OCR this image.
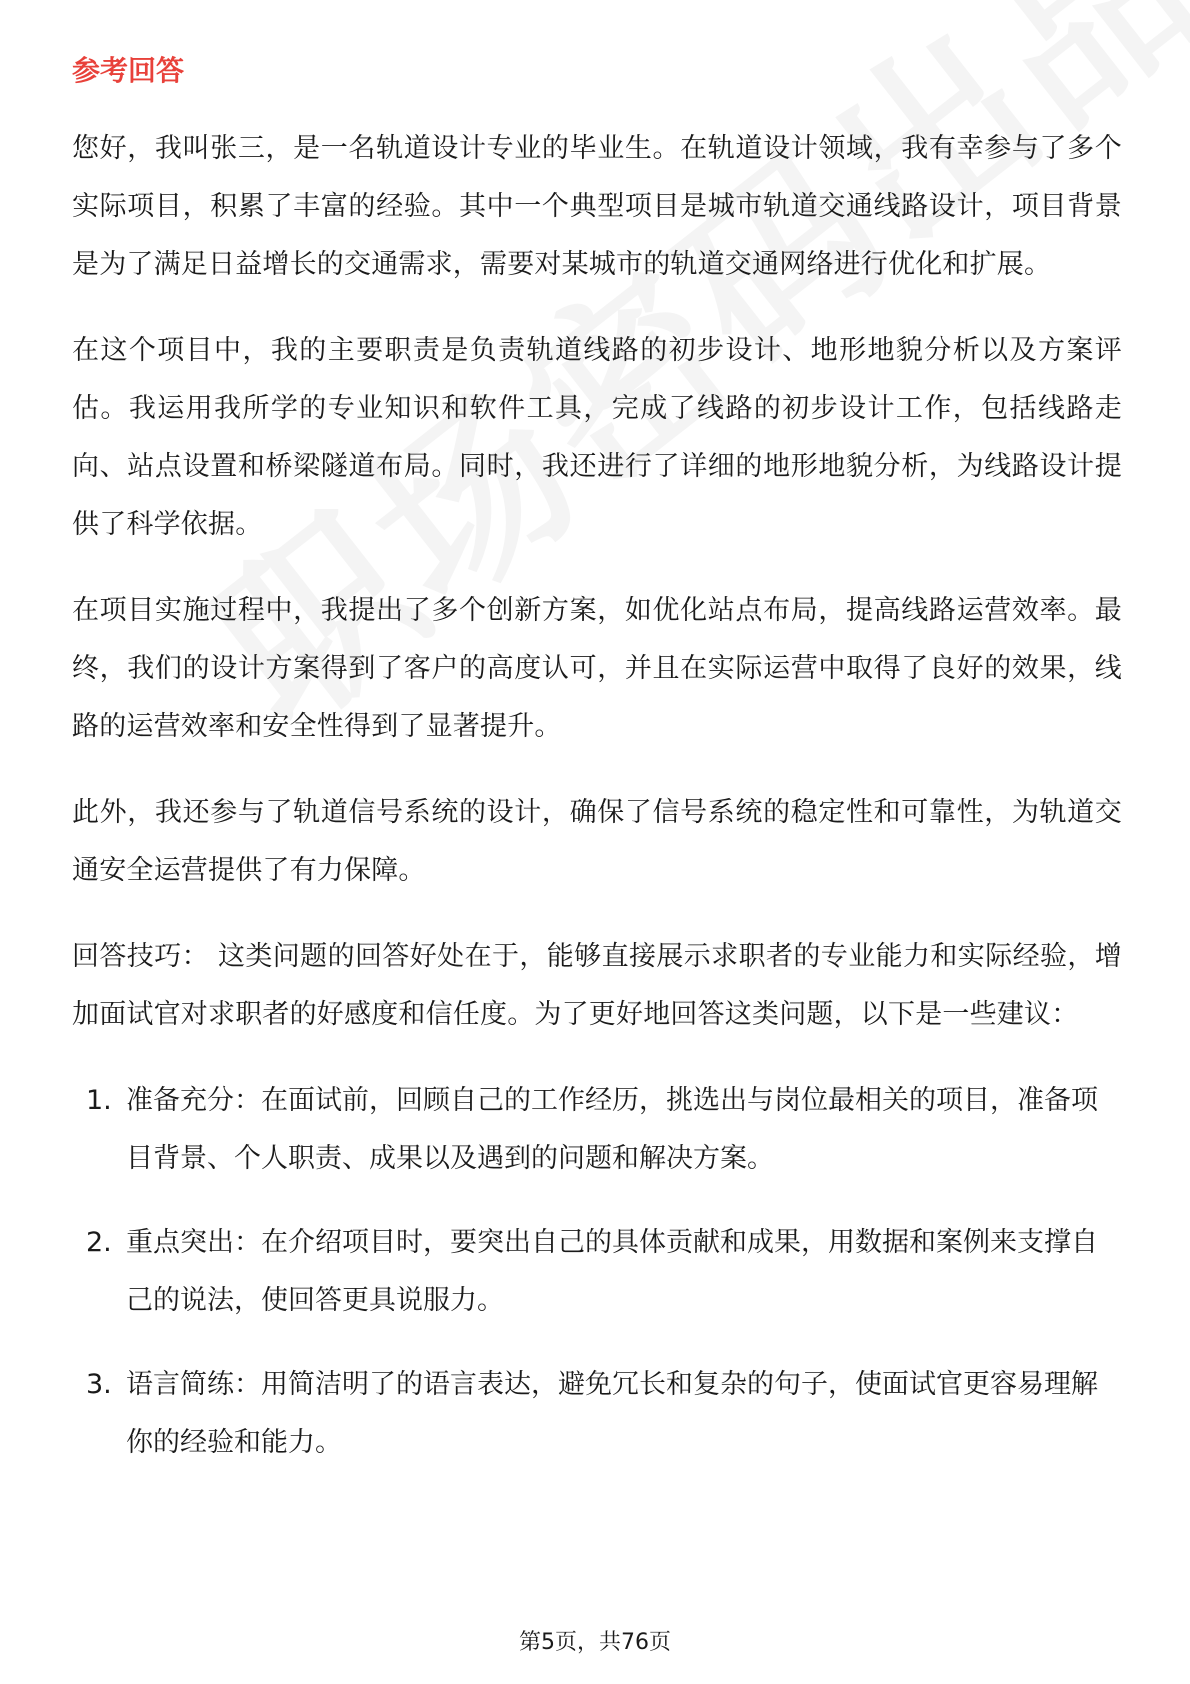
参考回答

您好，我叫张三，是一名轨道设计专业的毕业生。在轨道设计领域，我有幸参与了多个实际项目，积累了丰富的经验。其中一个典型项目是城市轨道交通线路设计，项目背景是为了满足日益增长的交通需求，需要对某城市的轨道交通网络进行优化和扩展。

在这个项目中，我的主要职责是负责轨道线路的初步设计、地形地貌分析以及方案评估。我运用我所学的专业知识和软件工具，完成了线路的初步设计工作，包括线路走向、站点设置和桥梁隧道布局。同时，我还进行了详细的地形地貌分析，为线路设计提供了科学依据。

在项目实施过程中，我提出了多个创新方案，如优化站点布局，提高线路运营效率。最终，我们的设计方案得到了客户的高度认可，并且在实际运营中取得了良好的效果，线路的运营效率和安全性得到了显著提升。

此外，我还参与了轨道信号系统的设计，确保了信号系统的稳定性和可靠性，为轨道交通安全运营提供了有力保障。

回答技巧： 这类问题的回答好处在于，能够直接展示求职者的专业能力和实际经验，增加面试官对求职者的好感度和信任度。为了更好地回答这类问题，以下是一些建议：

1. 准备充分：在面试前，回顾自己的工作经历，挑选出与岗位最相关的项目，准备项目背景、个人职责、成果以及遇到的问题和解决方案。
2. 重点突出：在介绍项目时，要突出自己的具体贡献和成果，用数据和案例来支撑自己的说法，使回答更具说服力。
3. 语言简练：用简洁明了的语言表达，避免冗长和复杂的句子，使面试官更容易理解你的经验和能力。
第5页，共76页
